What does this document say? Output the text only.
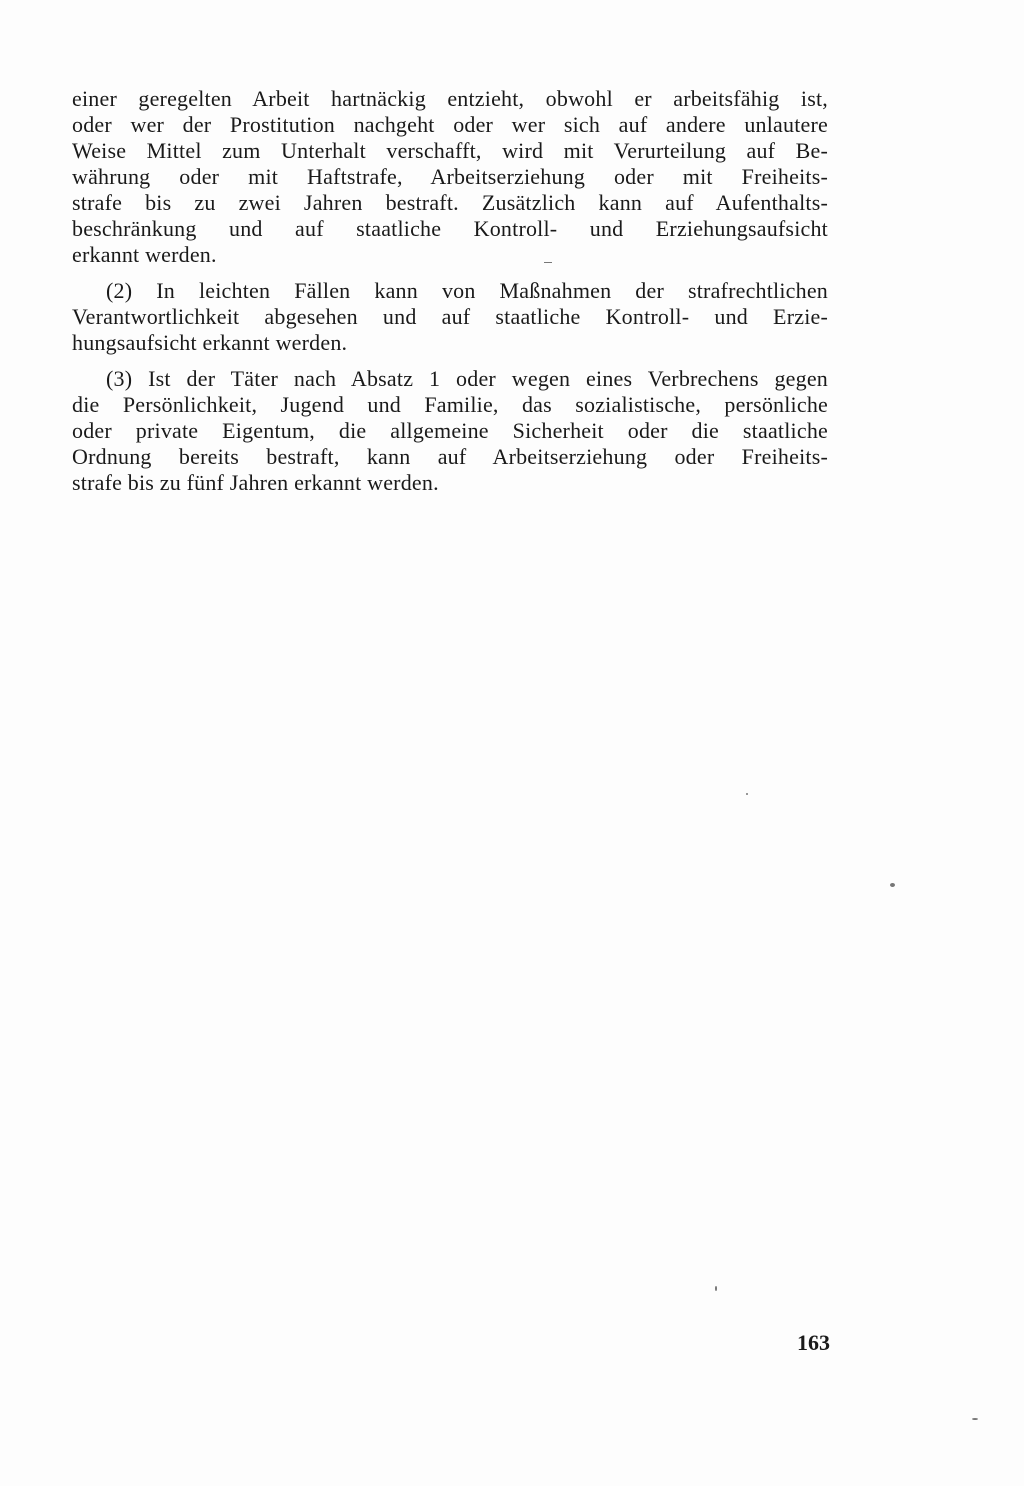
einer geregelten Arbeit hartnäckig entzieht, obwohl er arbeitsfähig ist,
oder wer der Prostitution nachgeht oder wer sich auf andere unlautere
Weise Mittel zum Unterhalt verschafft, wird mit Verurteilung auf Be-
währung oder mit Haftstrafe, Arbeitserziehung oder mit Freiheits-
strafe bis zu zwei Jahren bestraft. Zusätzlich kann auf Aufenthalts-
beschränkung und auf staatliche Kontroll- und Erziehungsaufsicht
erkannt werden.
(2) In leichten Fällen kann von Maßnahmen der strafrechtlichen
Verantwortlichkeit abgesehen und auf staatliche Kontroll- und Erzie-
hungsaufsicht erkannt werden.
(3) Ist der Täter nach Absatz 1 oder wegen eines Verbrechens gegen
die Persönlichkeit, Jugend und Familie, das sozialistische, persönliche
oder private Eigentum, die allgemeine Sicherheit oder die staatliche
Ordnung bereits bestraft, kann auf Arbeitserziehung oder Freiheits-
strafe bis zu fünf Jahren erkannt werden.
163
